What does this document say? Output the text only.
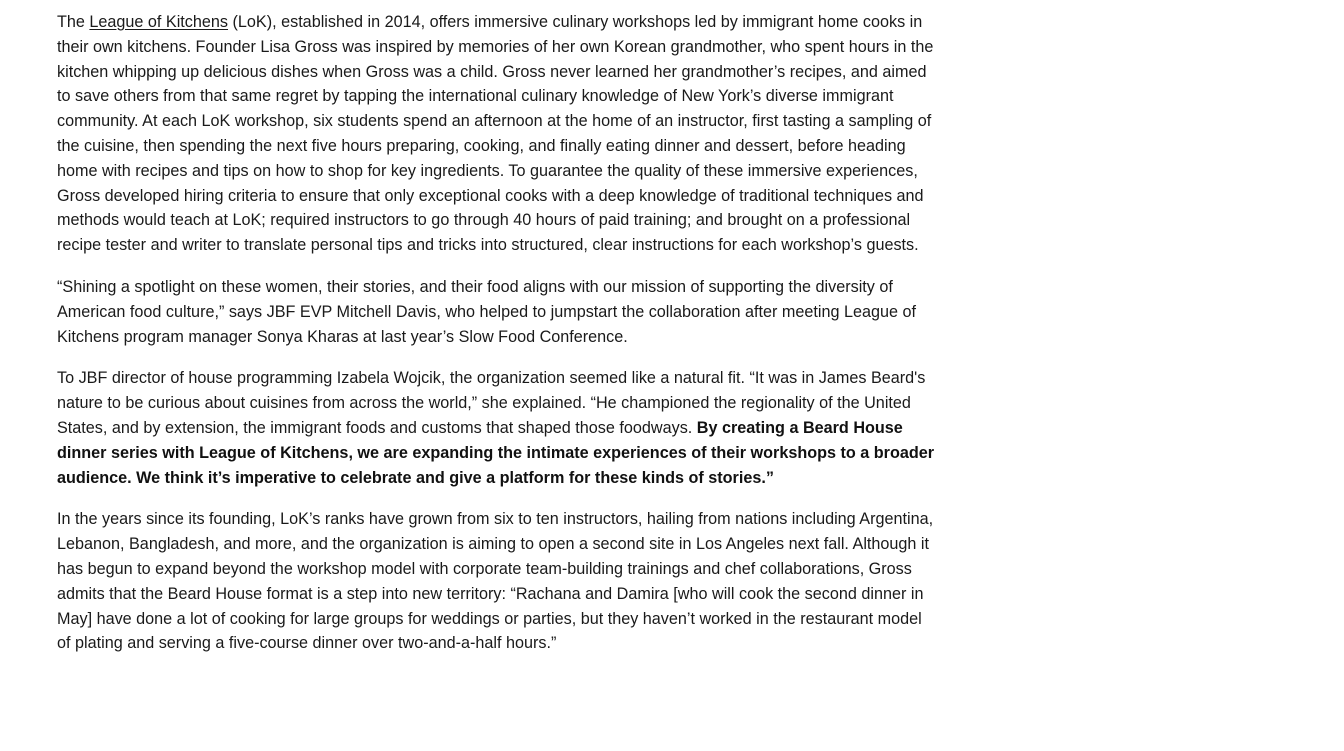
The League of Kitchens (LoK), established in 2014, offers immersive culinary workshops led by immigrant home cooks in their own kitchens. Founder Lisa Gross was inspired by memories of her own Korean grandmother, who spent hours in the kitchen whipping up delicious dishes when Gross was a child. Gross never learned her grandmother’s recipes, and aimed to save others from that same regret by tapping the international culinary knowledge of New York’s diverse immigrant community. At each LoK workshop, six students spend an afternoon at the home of an instructor, first tasting a sampling of the cuisine, then spending the next five hours preparing, cooking, and finally eating dinner and dessert, before heading home with recipes and tips on how to shop for key ingredients. To guarantee the quality of these immersive experiences, Gross developed hiring criteria to ensure that only exceptional cooks with a deep knowledge of traditional techniques and methods would teach at LoK; required instructors to go through 40 hours of paid training; and brought on a professional recipe tester and writer to translate personal tips and tricks into structured, clear instructions for each workshop’s guests.

“Shining a spotlight on these women, their stories, and their food aligns with our mission of supporting the diversity of American food culture,” says JBF EVP Mitchell Davis, who helped to jumpstart the collaboration after meeting League of Kitchens program manager Sonya Kharas at last year’s Slow Food Conference.

To JBF director of house programming Izabela Wojcik, the organization seemed like a natural fit. “It was in James Beard's nature to be curious about cuisines from across the world,” she explained. “He championed the regionality of the United States, and by extension, the immigrant foods and customs that shaped those foodways. By creating a Beard House dinner series with League of Kitchens, we are expanding the intimate experiences of their workshops to a broader audience. We think it’s imperative to celebrate and give a platform for these kinds of stories.”

In the years since its founding, LoK’s ranks have grown from six to ten instructors, hailing from nations including Argentina, Lebanon, Bangladesh, and more, and the organization is aiming to open a second site in Los Angeles next fall. Although it has begun to expand beyond the workshop model with corporate team-building trainings and chef collaborations, Gross admits that the Beard House format is a step into new territory: “Rachana and Damira [who will cook the second dinner in May] have done a lot of cooking for large groups for weddings or parties, but they haven’t worked in the restaurant model of plating and serving a five-course dinner over two-and-a-half hours.”
